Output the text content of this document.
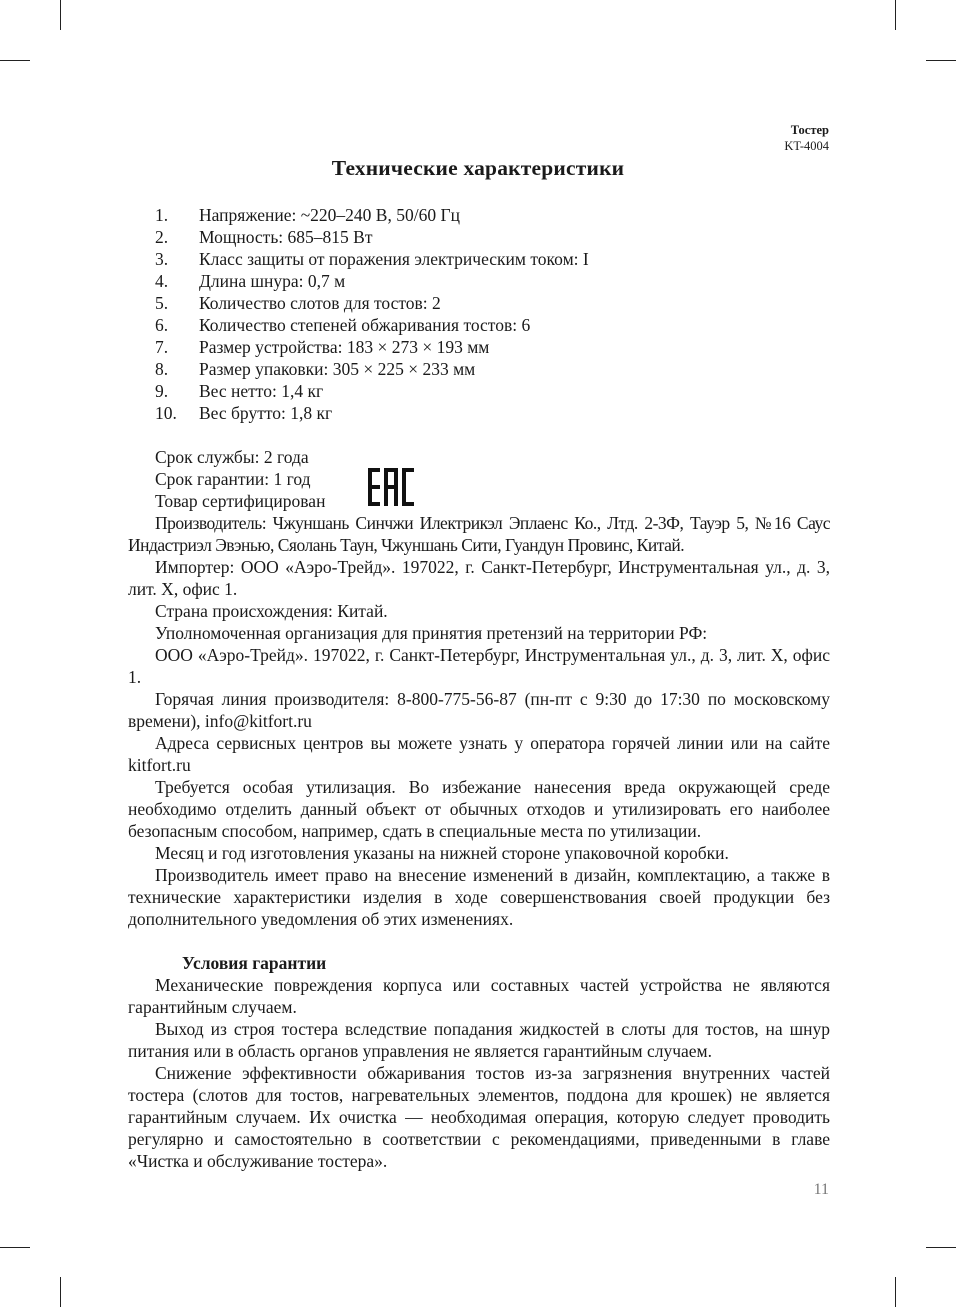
Тостер
KT-4004
Технические характеристики
1.	Напряжение: ~220–240 В, 50/60 Гц
2.	Мощность: 685–815 Вт
3.	Класс защиты от поражения электрическим током: I
4.	Длина шнура: 0,7 м
5.	Количество слотов для тостов: 2
6.	Количество степеней обжаривания тостов: 6
7.	Размер устройства: 183 × 273 × 193 мм
8.	Размер упаковки: 305 × 225 × 233 мм
9.	Вес нетто: 1,4 кг
10.	Вес брутто: 1,8 кг

Срок службы: 2 года

Срок гарантии: 1 год

Товар сертифицирован

Производитель: Чжуншань Синчжи Илектрикэл Эплаенс Ко., Лтд. 2-3Ф, Тауэр 5, №16 Саус Индастриэл Эвэнью, Сяолань Таун, Чжуншань Сити, Гуандун Провинс, Китай.

Импортер: ООО «Аэро-Трейд». 197022, г. Санкт-Петербург, Инструментальная ул., д. 3, лит. Х, офис 1.

Страна происхождения: Китай.

Уполномоченная организация для принятия претензий на территории РФ:

ООО «Аэро-Трейд». 197022, г. Санкт-Петербург, Инструментальная ул., д. 3, лит. Х, офис 1.

Горячая линия производителя: 8-800-775-56-87 (пн-пт с 9:30 до 17:30 по московскому времени), info@kitfort.ru

Адреса сервисных центров вы можете узнать у оператора горячей линии или на сайте kitfort.ru

Требуется особая утилизация. Во избежание нанесения вреда окружающей среде необходимо отделить данный объект от обычных отходов и утилизировать его наиболее безопасным способом, например, сдать в специальные места по утилизации.

Месяц и год изготовления указаны на нижней стороне упаковочной коробки.

Производитель имеет право на внесение изменений в дизайн, комплектацию, а также в технические характеристики изделия в ходе совершенствования своей продукции без дополнительного уведомления об этих изменениях.

Условия гарантии

Механические повреждения корпуса или составных частей устройства не являются гарантийным случаем.

Выход из строя тостера вследствие попадания жидкостей в слоты для тостов, на шнур питания или в область органов управления не является гарантийным случаем.

Снижение эффективности обжаривания тостов из-за загрязнения внутренних частей тостера (слотов для тостов, нагревательных элементов, поддона для крошек) не является гарантийным случаем. Их очистка — необходимая операция, которую следует проводить регулярно и самостоятельно в соответствии с рекомендациями, приведенными в главе «Чистка и обслуживание тостера».

11
